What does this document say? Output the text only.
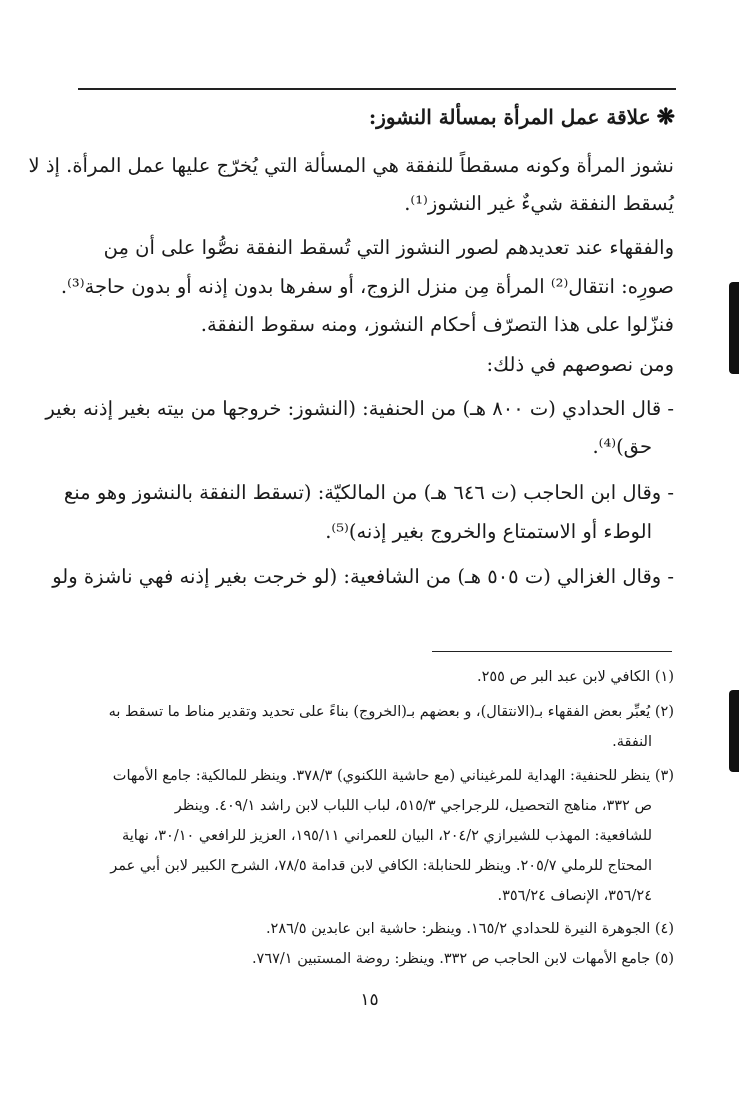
❋علاقة عمل المرأة بمسألة النشوز:
نشوز المرأة وكونه مسقطاً للنفقة هي المسألة التي يُخرّج عليها عمل المرأة. إذ لا
يُسقط النفقة شيءٌ غير النشوز⁽¹⁾.
والفقهاء عند تعديدهم لصور النشوز التي تُسقط النفقة نصُّوا على أن مِن
صورِه: انتقال⁽²⁾ المرأة مِن منزل الزوج، أو سفرها بدون إذنه أو بدون حاجة⁽³⁾.
فنزّلوا على هذا التصرّف أحكام النشوز، ومنه سقوط النفقة.
ومن نصوصهم في ذلك:
- قال الحدادي (ت ٨٠٠ هـ) من الحنفية: (النشوز: خروجها من بيته بغير إذنه بغير
حق)⁽⁴⁾.
- وقال ابن الحاجب (ت ٦٤٦ هـ) من المالكيّة: (تسقط النفقة بالنشوز وهو منع
الوطء أو الاستمتاع والخروج بغير إذنه)⁽⁵⁾.
- وقال الغزالي (ت ٥٠٥ هـ) من الشافعية: (لو خرجت بغير إذنه فهي ناشزة ولو
(١) الكافي لابن عبد البر ص ٢٥٥.
(٢) يُعبِّر بعض الفقهاء بـ(الانتقال)، و بعضهم بـ(الخروج) بناءً على تحديد وتقدير مناط ما تسقط به
النفقة.
(٣) ينظر للحنفية: الهداية للمرغيناني (مع حاشية اللكنوي) ٣٧٨/٣. وينظر للمالكية: جامع الأمهات
ص ٣٣٢، مناهج التحصيل، للرجراجي ٥١٥/٣، لباب اللباب لابن راشد ٤٠٩/١. وينظر
للشافعية: المهذب للشيرازي ٢٠٤/٢، البيان للعمراني ١٩٥/١١، العزيز للرافعي ٣٠/١٠، نهاية
المحتاج للرملي ٢٠٥/٧. وينظر للحنابلة: الكافي لابن قدامة ٧٨/٥، الشرح الكبير لابن أبي عمر
٣٥٦/٢٤، الإنصاف ٣٥٦/٢٤.
(٤) الجوهرة النيرة للحدادي ١٦٥/٢. وينظر: حاشية ابن عابدين ٢٨٦/٥.
(٥) جامع الأمهات لابن الحاجب ص ٣٣٢. وينظر: روضة المستبين ٧٦٧/١.
١٥
